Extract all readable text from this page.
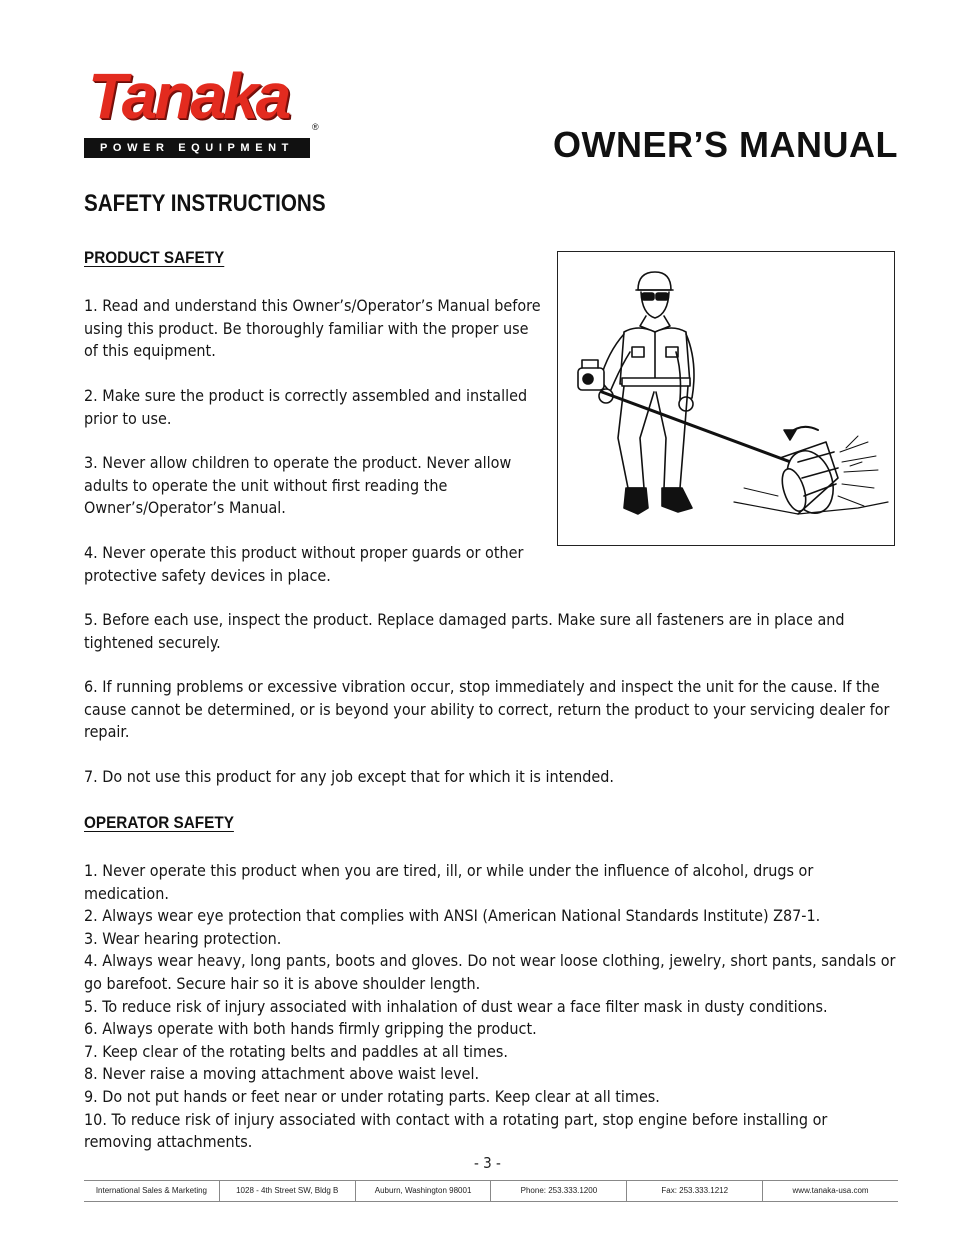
Tanaka	®
POWER EQUIPMENT	OWNER’S MANUAL
SAFETY INSTRUCTIONS
PRODUCT SAFETY

1. Read and understand this Owner’s/Operator’s Manual before using this product. Be thoroughly familiar with the proper use of this equipment.

2. Make sure the product is correctly assembled and installed prior to use.

3. Never allow children to operate the product. Never allow adults to operate the unit without first reading the Owner’s/Operator’s Manual.

4. Never operate this product without proper guards or other protective safety devices in place.

5. Before each use, inspect the product. Replace damaged parts. Make sure all fasteners are in place and tightened securely.

6. If running problems or excessive vibration occur, stop immediately and inspect the unit for the cause. If the cause cannot be determined, or is beyond your ability to correct, return the product to your servicing dealer for repair.

7. Do not use this product for any job except that for which it is intended.

OPERATOR SAFETY
1. Never operate this product when you are tired, ill, or while under the influence of alcohol, drugs or medication.
2. Always wear eye protection that complies with ANSI (American National Standards Institute) Z87-1.
3. Wear hearing protection.
4. Always wear heavy, long pants, boots and gloves. Do not wear loose clothing, jewelry, short pants, sandals or go barefoot. Secure hair so it is above shoulder length.
5. To reduce risk of injury associated with inhalation of dust wear a face filter mask in dusty conditions.
6. Always operate with both hands firmly gripping the product.
7. Keep clear of the rotating belts and paddles at all times.
8. Never raise a moving attachment above waist level.
9. Do not put hands or feet near or under rotating parts. Keep clear at all times.
10. To reduce risk of injury associated with contact with a rotating part, stop engine before installing or removing attachments.
- 3 -
International Sales & Marketing	1028 - 4th Street SW, Bldg B	Auburn, Washington 98001	Phone: 253.333.1200	Fax: 253.333.1212	www.tanaka-usa.com
